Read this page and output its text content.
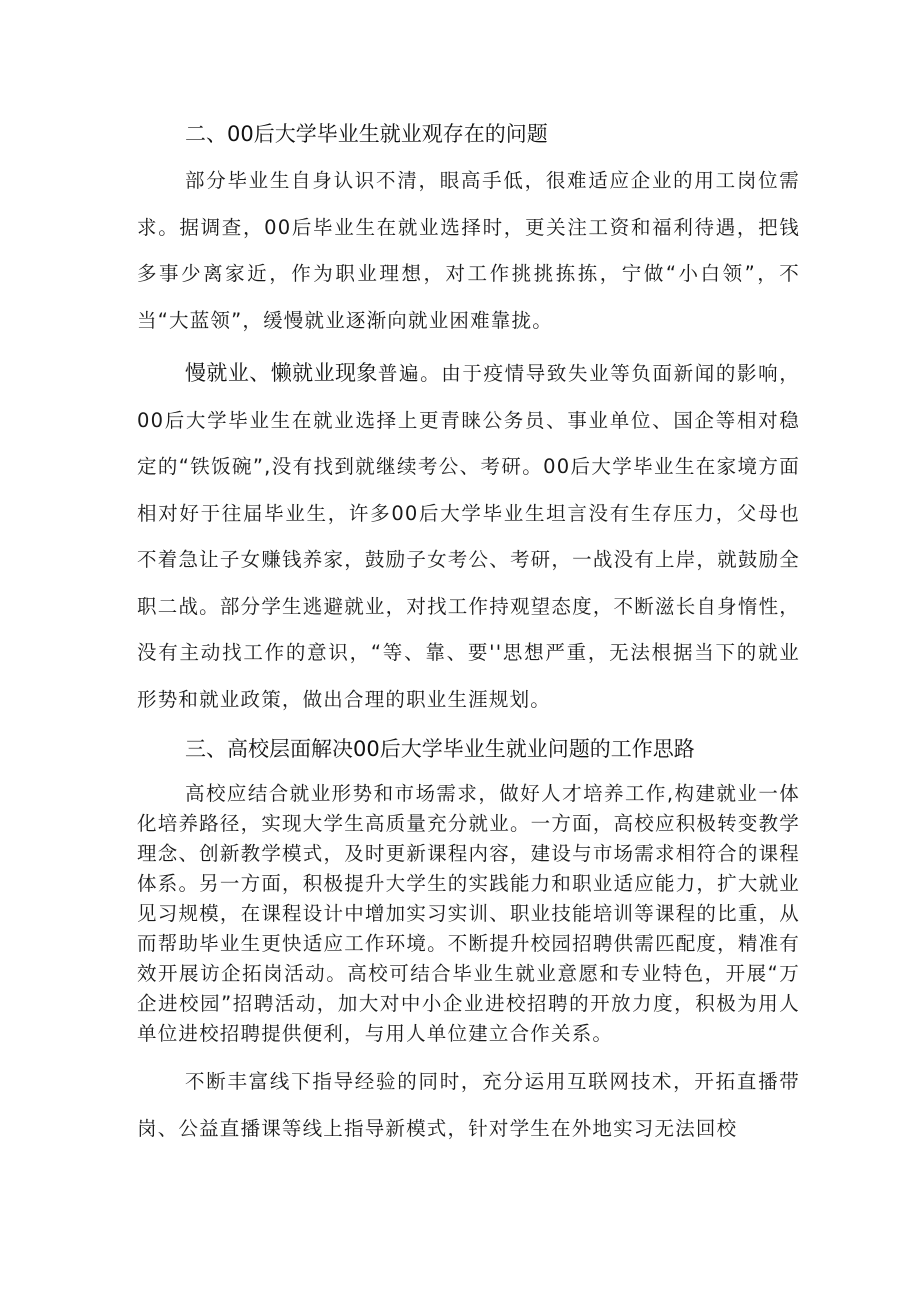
二、00后大学毕业生就业观存在的问题

部分毕业生自身认识不清，眼高手低，很难适应企业的用工岗位需求。据调查，00后毕业生在就业选择时，更关注工资和福利待遇，把钱多事少离家近，作为职业理想，对工作挑挑拣拣，宁做“小白领”，不当“大蓝领”，缓慢就业逐渐向就业困难靠拢。

慢就业、懒就业现象普遍。由于疫情导致失业等负面新闻的影响，00后大学毕业生在就业选择上更青睐公务员、事业单位、国企等相对稳定的“铁饭碗”,没有找到就继续考公、考研。00后大学毕业生在家境方面相对好于往届毕业生，许多00后大学毕业生坦言没有生存压力，父母也不着急让子女赚钱养家，鼓励子女考公、考研，一战没有上岸，就鼓励全职二战。部分学生逃避就业，对找工作持观望态度，不断滋长自身惰性，没有主动找工作的意识，“等、靠、要''思想严重，无法根据当下的就业形势和就业政策，做出合理的职业生涯规划。

三、高校层面解决00后大学毕业生就业问题的工作思路

高校应结合就业形势和市场需求，做好人才培养工作,构建就业一体化培养路径，实现大学生高质量充分就业。一方面，高校应积极转变教学理念、创新教学模式，及时更新课程内容，建设与市场需求相符合的课程体系。另一方面，积极提升大学生的实践能力和职业适应能力，扩大就业见习规模，在课程设计中增加实习实训、职业技能培训等课程的比重，从而帮助毕业生更快适应工作环境。不断提升校园招聘供需匹配度，精准有效开展访企拓岗活动。高校可结合毕业生就业意愿和专业特色，开展“万企进校园”招聘活动，加大对中小企业进校招聘的开放力度，积极为用人单位进校招聘提供便利，与用人单位建立合作关系。

不断丰富线下指导经验的同时，充分运用互联网技术，开拓直播带岗、公益直播课等线上指导新模式，针对学生在外地实习无法回校
